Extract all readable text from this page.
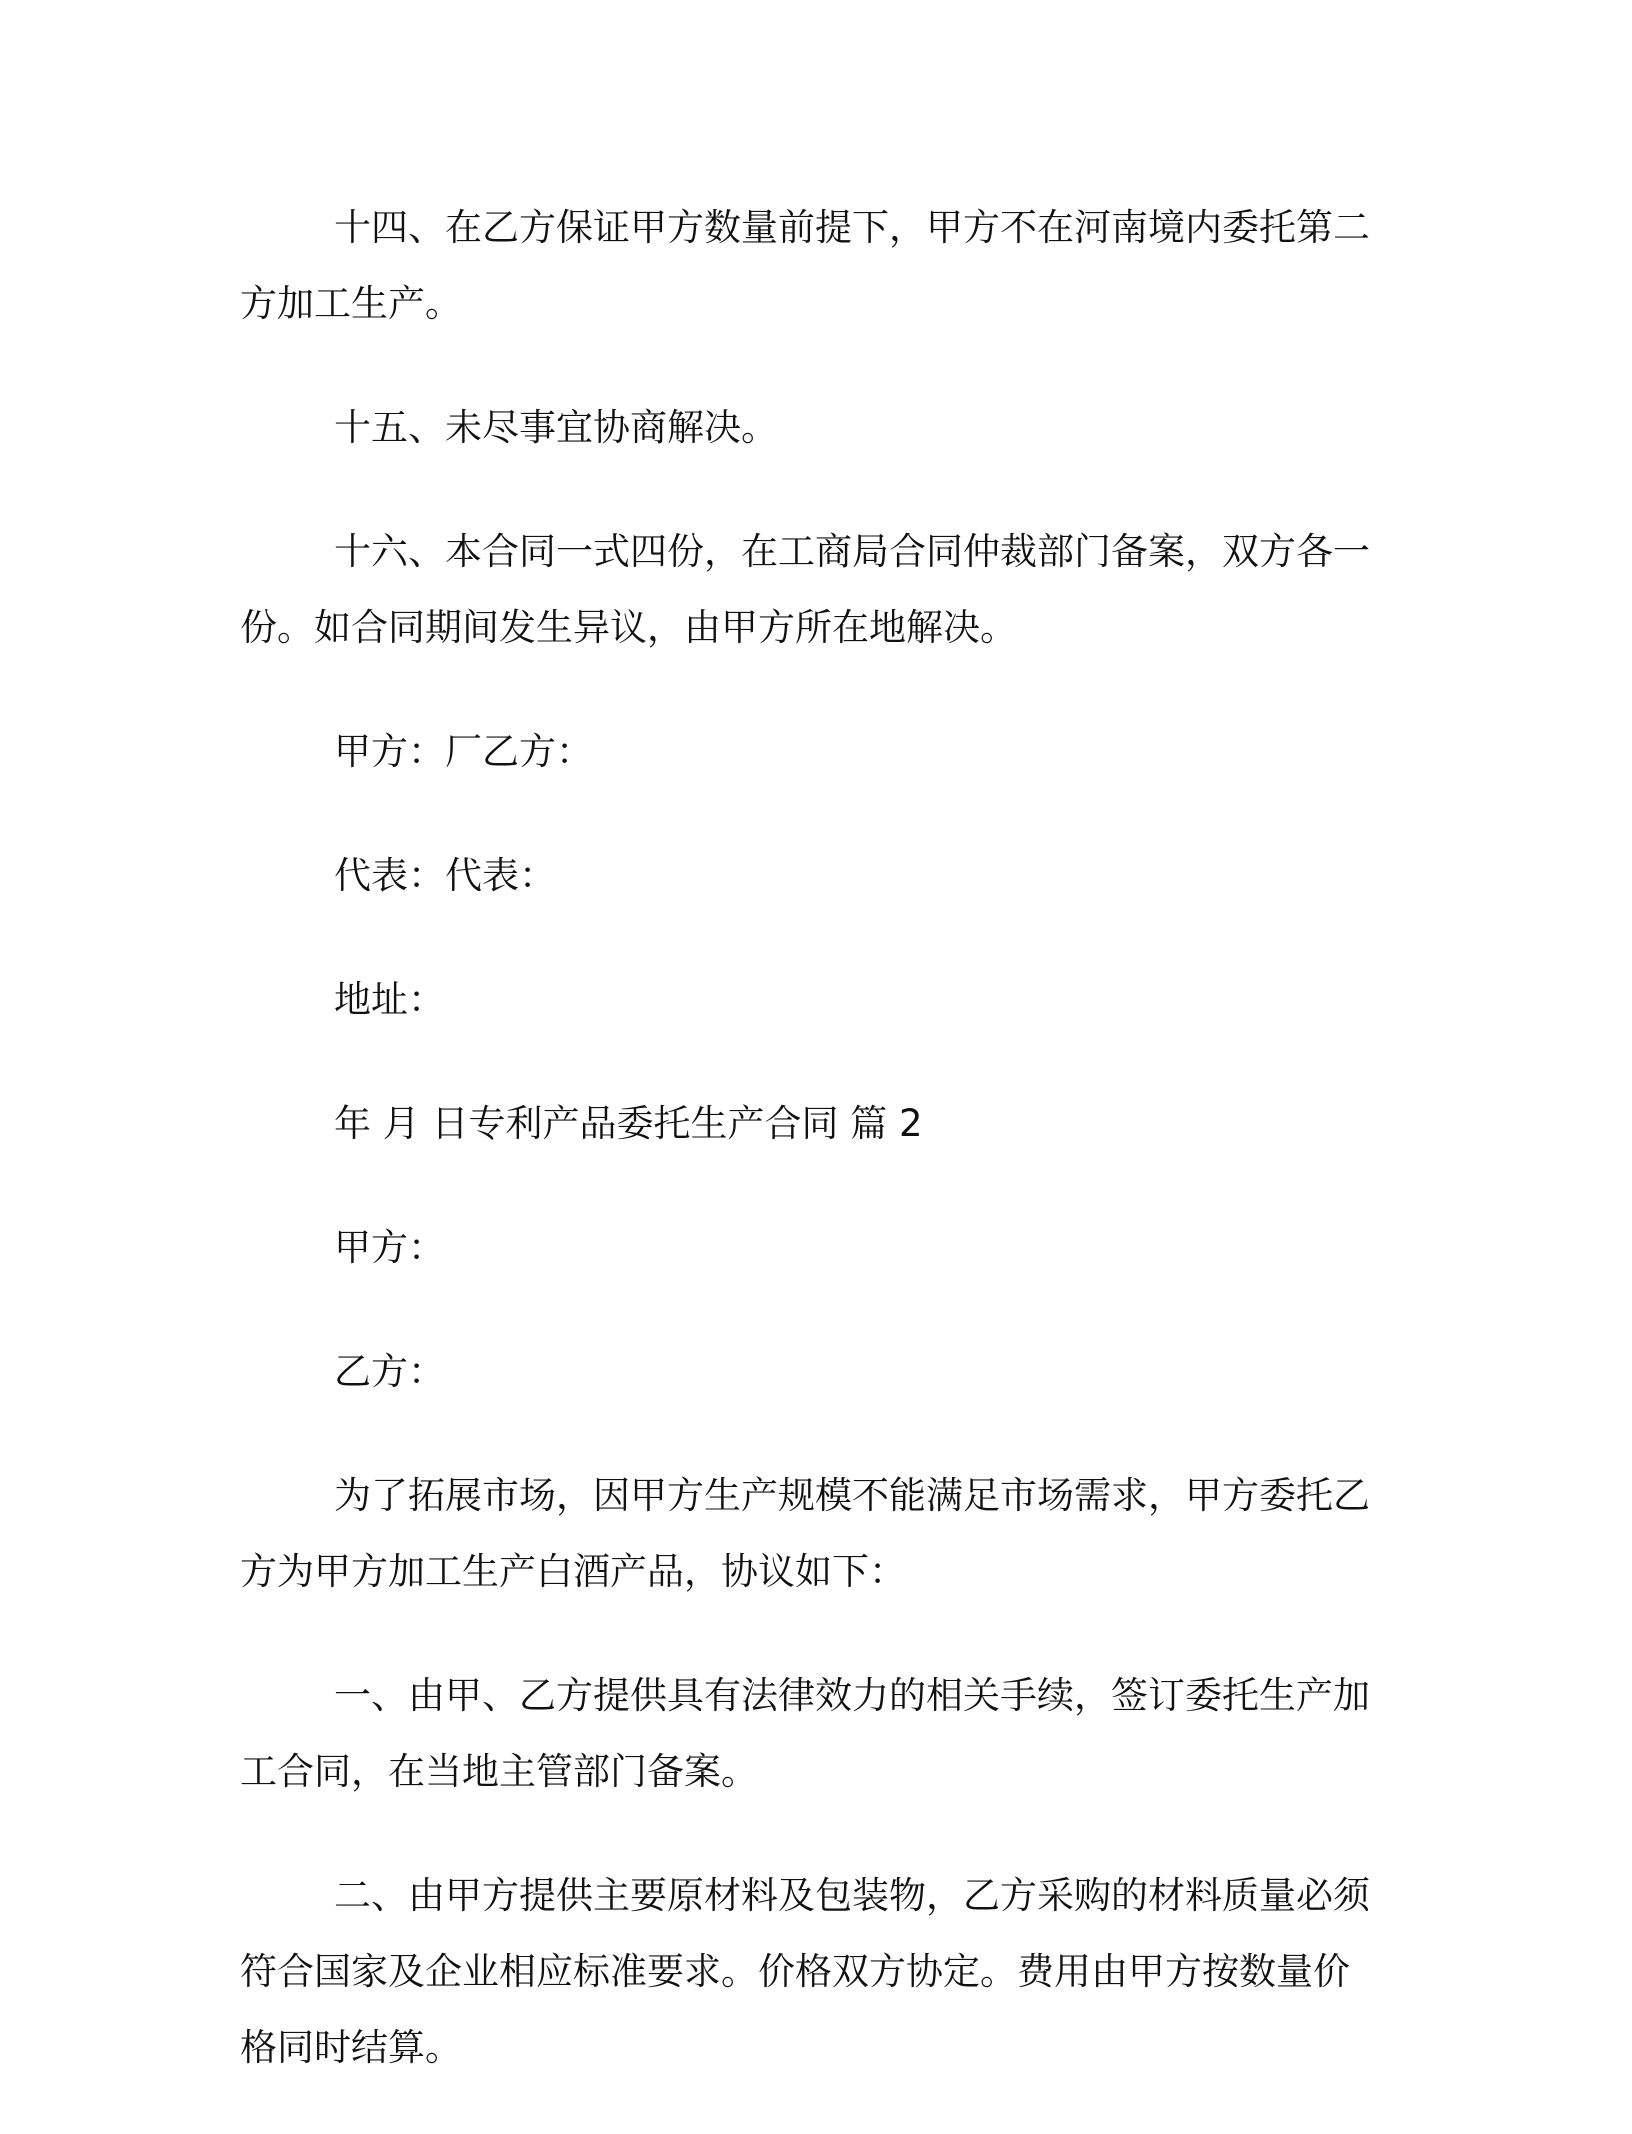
十四、在乙方保证甲方数量前提下，甲方不在河南境内委托第二方加工生产。

十五、未尽事宜协商解决。

十六、本合同一式四份，在工商局合同仲裁部门备案，双方各一份。如合同期间发生异议，由甲方所在地解决。

甲方：厂乙方：

代表：代表：

地址：

年 月 日专利产品委托生产合同 篇 2

甲方：

乙方：

为了拓展市场，因甲方生产规模不能满足市场需求，甲方委托乙方为甲方加工生产白酒产品，协议如下：

一、由甲、乙方提供具有法律效力的相关手续，签订委托生产加工合同，在当地主管部门备案。

二、由甲方提供主要原材料及包装物，乙方采购的材料质量必须符合国家及企业相应标准要求。价格双方协定。费用由甲方按数量价格同时结算。
